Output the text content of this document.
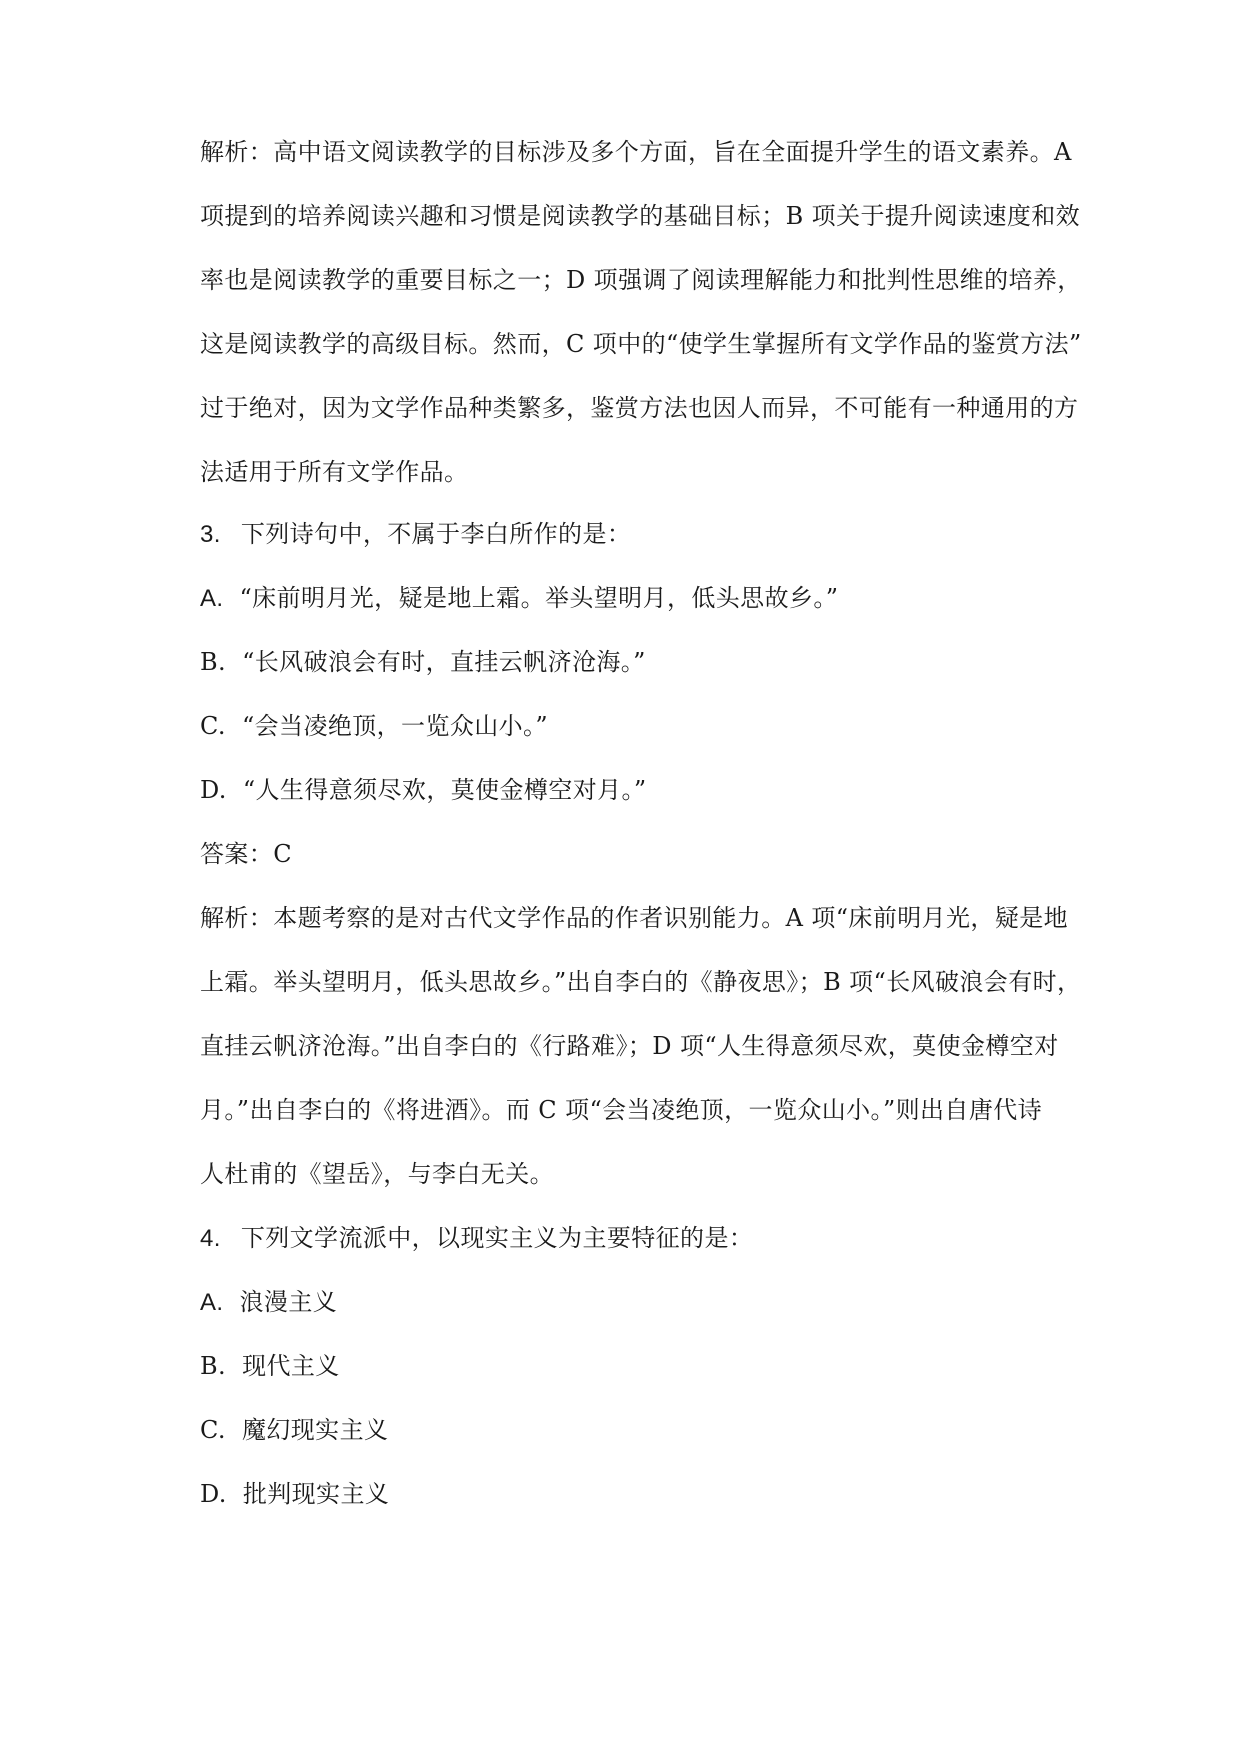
解析：高中语文阅读教学的目标涉及多个方面，旨在全面提升学生的语文素养。A
项提到的培养阅读兴趣和习惯是阅读教学的基础目标；B 项关于提升阅读速度和效
率也是阅读教学的重要目标之一；D 项强调了阅读理解能力和批判性思维的培养，
这是阅读教学的高级目标。然而，C 项中的“使学生掌握所有文学作品的鉴赏方法”
过于绝对，因为文学作品种类繁多，鉴赏方法也因人而异，不可能有一种通用的方
法适用于所有文学作品。
3. 下列诗句中，不属于李白所作的是：
A. “床前明月光，疑是地上霜。举头望明月，低头思故乡。”
B. “长风破浪会有时，直挂云帆济沧海。”
C. “会当凌绝顶，一览众山小。”
D. “人生得意须尽欢，莫使金樽空对月。”
答案：C
解析：本题考察的是对古代文学作品的作者识别能力。A 项“床前明月光，疑是地
上霜。举头望明月，低头思故乡。”出自李白的《静夜思》；B 项“长风破浪会有时，
直挂云帆济沧海。”出自李白的《行路难》；D 项“人生得意须尽欢，莫使金樽空对
月。”出自李白的《将进酒》。而 C 项“会当凌绝顶，一览众山小。”则出自唐代诗
人杜甫的《望岳》，与李白无关。
4. 下列文学流派中，以现实主义为主要特征的是：
A. 浪漫主义
B. 现代主义
C. 魔幻现实主义
D. 批判现实主义
